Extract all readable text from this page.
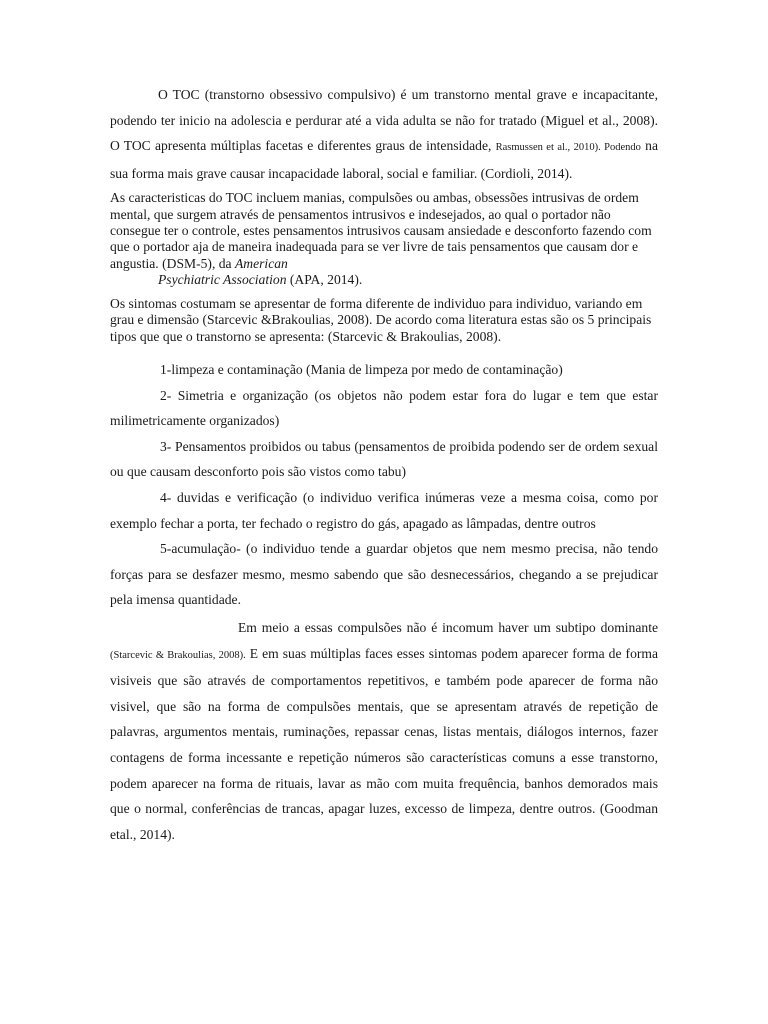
O TOC (transtorno obsessivo compulsivo) é um transtorno mental grave e incapacitante, podendo ter inicio na adolescia e perdurar até a vida adulta se não for tratado (Miguel et al., 2008). O TOC apresenta múltiplas facetas e diferentes graus de intensidade, Rasmussen et al., 2010). Podendo na sua forma mais grave causar incapacidade laboral, social e familiar. (Cordioli, 2014).

As caracteristicas do TOC incluem manias, compulsões ou ambas, obsessões intrusivas de ordem mental, que surgem através de pensamentos intrusivos e indesejados, ao qual o portador não consegue ter o controle, estes pensamentos intrusivos causam ansiedade e desconforto fazendo com que o portador aja de maneira inadequada para se ver livre de tais pensamentos que causam dor e angustia. (DSM-5), da American
Psychiatric Association (APA, 2014).

Os sintomas costumam se apresentar de forma diferente de individuo para individuo, variando em grau e dimensão (Starcevic &Brakoulias, 2008). De acordo coma literatura estas são os 5 principais tipos que que o transtorno se apresenta: (Starcevic & Brakoulias, 2008).

1-limpeza e contaminação (Mania de limpeza por medo de contaminação)

2- Simetria e organização (os objetos não podem estar fora do lugar e tem que estar milimetricamente organizados)

3- Pensamentos proibidos ou tabus (pensamentos de proibida podendo ser de ordem sexual ou que causam desconforto pois são vistos como tabu)

4- duvidas e verificação (o individuo verifica inúmeras veze a mesma coisa, como por exemplo fechar a porta, ter fechado o registro do gás, apagado as lâmpadas, dentre outros

5-acumulação- (o individuo tende a guardar objetos que nem mesmo precisa, não tendo forças para se desfazer mesmo, mesmo sabendo que são desnecessários, chegando a se prejudicar pela imensa quantidade.

Em meio a essas compulsões não é incomum haver um subtipo dominante (Starcevic & Brakoulias, 2008). E em suas múltiplas faces esses sintomas podem aparecer forma de forma visiveis que são através de comportamentos repetitivos, e também pode aparecer de forma não visivel, que são na forma de compulsões mentais, que se apresentam através de repetição de palavras, argumentos mentais, ruminações, repassar cenas, listas mentais, diálogos internos, fazer contagens de forma incessante e repetição números são características comuns a esse transtorno, podem aparecer na forma de rituais, lavar as mão com muita frequência, banhos demorados mais que o normal, conferências de trancas, apagar luzes, excesso de limpeza, dentre outros. (Goodman etal., 2014).
